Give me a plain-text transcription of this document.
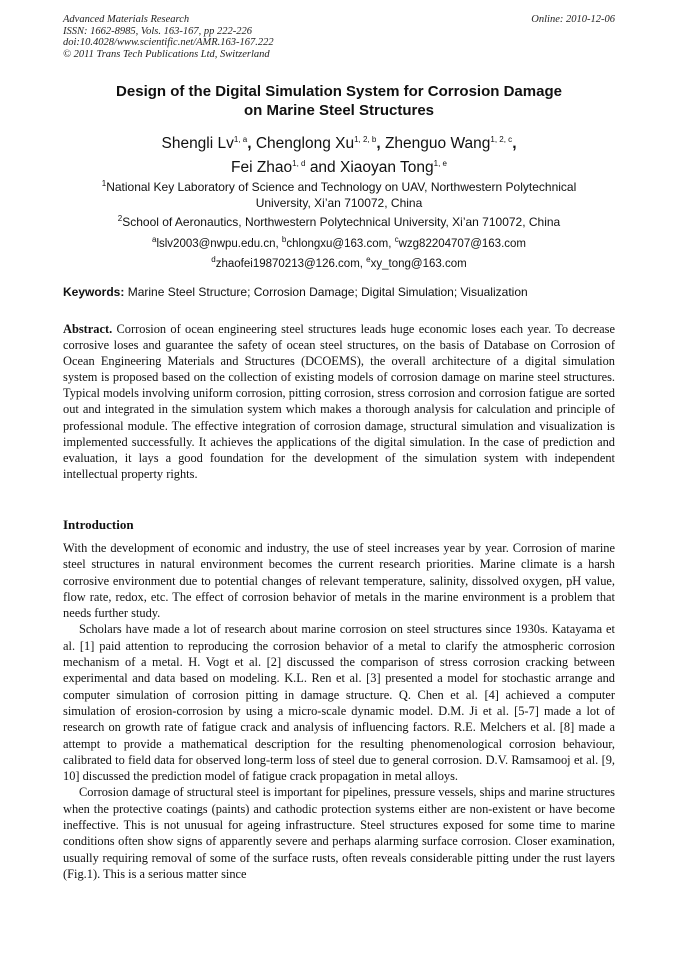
Advanced Materials Research
ISSN: 1662-8985, Vols. 163-167, pp 222-226
doi:10.4028/www.scientific.net/AMR.163-167.222
© 2011 Trans Tech Publications Ltd, Switzerland
Online: 2010-12-06
Design of the Digital Simulation System for Corrosion Damage
on Marine Steel Structures
Shengli Lv$^{1, a}$, Chenglong Xu$^{1, 2, b}$, Zhenguo Wang$^{1, 2, c}$,
Fei Zhao$^{1, d}$ and Xiaoyan Tong$^{1, e}$
$^1$National Key Laboratory of Science and Technology on UAV, Northwestern Polytechnical
University, Xi’an 710072, China
$^2$School of Aeronautics, Northwestern Polytechnical University, Xi’an 710072, China
$^a$lslv2003@nwpu.edu.cn, $^b$chlongxu@163.com, $^c$wzg82204707@163.com
$^d$zhaofei19870213@126.com, $^e$xy_tong@163.com
Keywords: Marine Steel Structure; Corrosion Damage; Digital Simulation; Visualization
Abstract. Corrosion of ocean engineering steel structures leads huge economic loses each year. To decrease corrosive loses and guarantee the safety of ocean steel structures, on the basis of Database on Corrosion of Ocean Engineering Materials and Structures (DCOEMS), the overall architecture of a digital simulation system is proposed based on the collection of existing models of corrosion damage on marine steel structures. Typical models involving uniform corrosion, pitting corrosion, stress corrosion and corrosion fatigue are sorted out and integrated in the simulation system which makes a thorough analysis for calculation and principle of professional module. The effective integration of corrosion damage, structural simulation and visualization is implemented successfully. It achieves the applications of the digital simulation. In the case of prediction and evaluation, it lays a good foundation for the development of the simulation system with independent intellectual property rights.
Introduction

With the development of economic and industry, the use of steel increases year by year. Corrosion of marine steel structures in natural environment becomes the current research priorities. Marine climate is a harsh corrosive environment due to potential changes of relevant temperature, salinity, dissolved oxygen, pH value, flow rate, redox, etc. The effect of corrosion behavior of metals in the marine environment is a problem that needs further study.

Scholars have made a lot of research about marine corrosion on steel structures since 1930s. Katayama et al. [1] paid attention to reproducing the corrosion behavior of a metal to clarify the atmospheric corrosion mechanism of a metal. H. Vogt et al. [2] discussed the comparison of stress corrosion cracking between experimental and data based on modeling. K.L. Ren et al. [3] presented a model for stochastic arrange and computer simulation of corrosion pitting in damage structure. Q. Chen et al. [4] achieved a computer simulation of erosion-corrosion by using a micro-scale dynamic model. D.M. Ji et al. [5-7] made a lot of research on growth rate of fatigue crack and analysis of influencing factors. R.E. Melchers et al. [8] made a attempt to provide a mathematical description for the resulting phenomenological corrosion behaviour, calibrated to field data for observed long-term loss of steel due to general corrosion. D.V. Ramsamooj et al. [9, 10] discussed the prediction model of fatigue crack propagation in metal alloys.

Corrosion damage of structural steel is important for pipelines, pressure vessels, ships and marine structures when the protective coatings (paints) and cathodic protection systems either are non-existent or have become ineffective. This is not unusual for ageing infrastructure. Steel structures exposed for some time to marine conditions often show signs of apparently severe and perhaps alarming surface corrosion. Closer examination, usually requiring removal of some of the surface rusts, often reveals considerable pitting under the rust layers (Fig.1). This is a serious matter since
